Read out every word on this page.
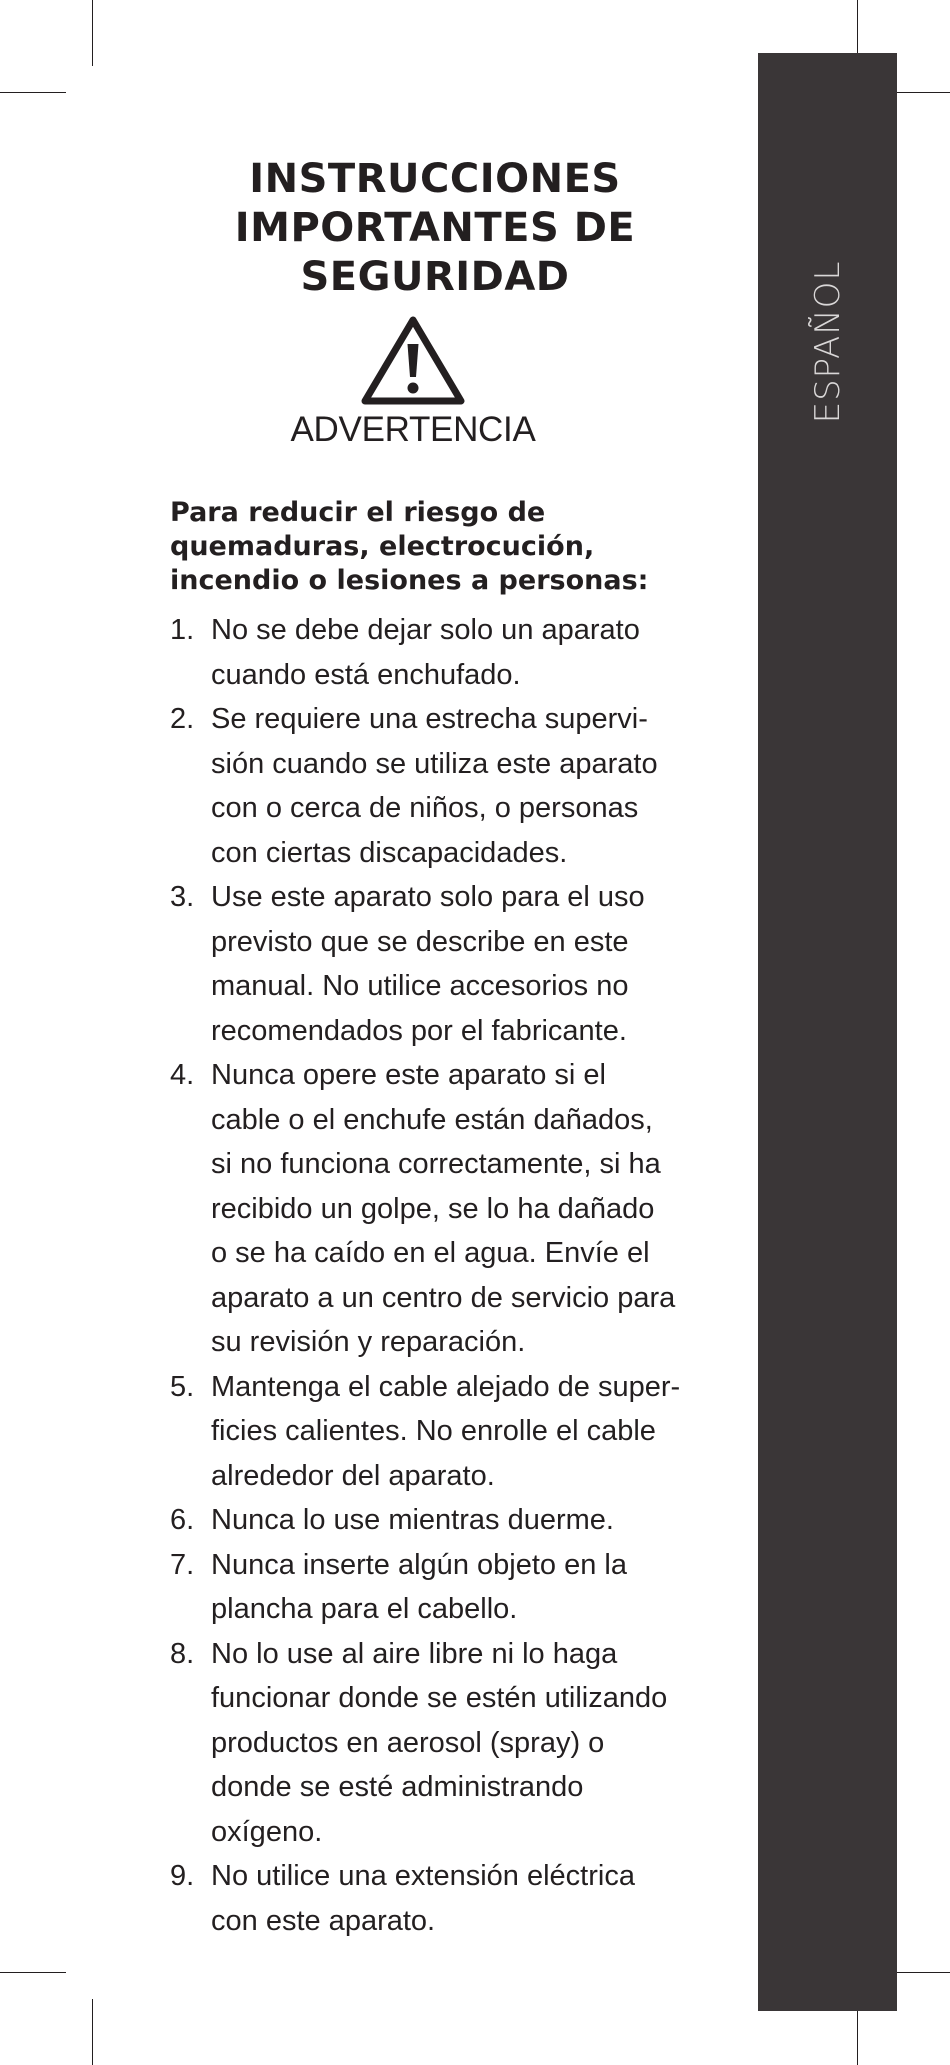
ESPAÑOL
INSTRUCCIONES
IMPORTANTES DE
SEGURIDAD
ADVERTENCIA

Para reducir el riesgo de quemaduras, electrocución, incendio o lesiones a personas:

1. No se debe dejar solo un aparato
cuando está enchufado.
2. Se requiere una estrecha supervi-
sión cuando se utiliza este aparato
con o cerca de niños, o personas
con ciertas discapacidades.
3. Use este aparato solo para el uso
previsto que se describe en este
manual. No utilice accesorios no
recomendados por el fabricante.
4. Nunca opere este aparato si el
cable o el enchufe están dañados,
si no funciona correctamente, si ha
recibido un golpe, se lo ha dañado
o se ha caído en el agua. Envíe el
aparato a un centro de servicio para
su revisión y reparación.
5. Mantenga el cable alejado de super-
ficies calientes. No enrolle el cable
alrededor del aparato.
6. Nunca lo use mientras duerme.
7. Nunca inserte algún objeto en la
plancha para el cabello.
8. No lo use al aire libre ni lo haga
funcionar donde se estén utilizando
productos en aerosol (spray) o
donde se esté administrando
oxígeno.
9. No utilice una extensión eléctrica
con este aparato.
